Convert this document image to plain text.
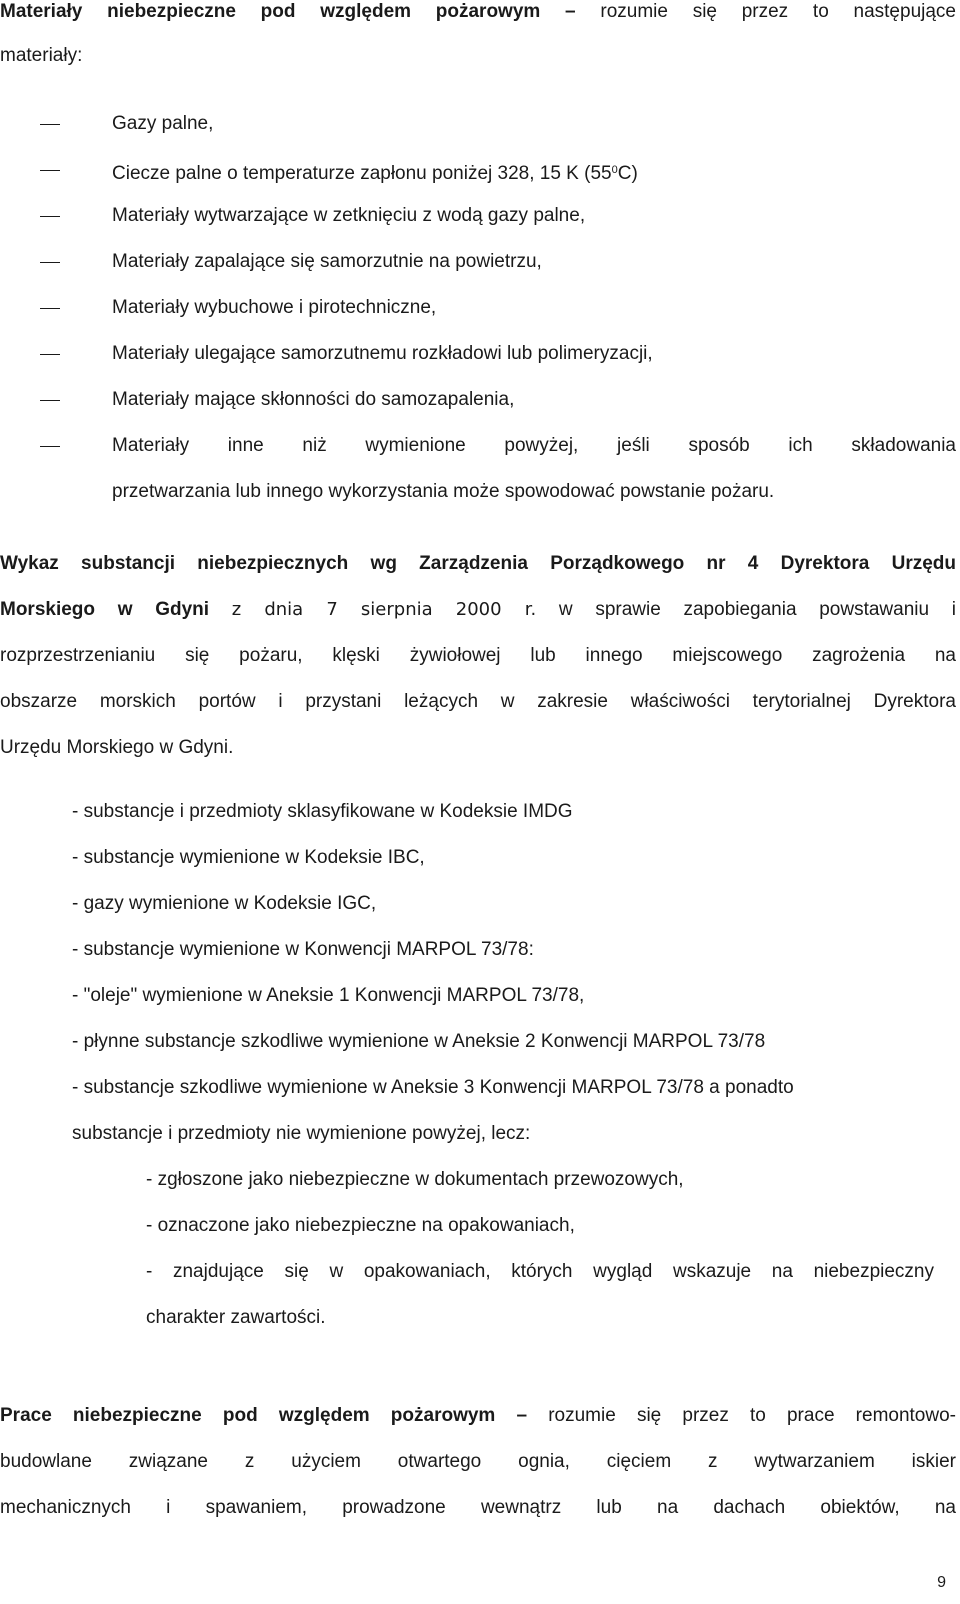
Materiały niebezpieczne pod względem pożarowym – rozumie się przez to następujące
materiały:
Gazy palne,
Ciecze palne o temperaturze zapłonu poniżej 328, 15 K $(55^0C)$
Materiały wytwarzające w zetknięciu z wodą gazy palne,
Materiały zapalające się samorzutnie na powietrzu,
Materiały wybuchowe i pirotechniczne,
Materiały ulegające samorzutnemu rozkładowi lub polimeryzacji,
Materiały mające skłonności do samozapalenia,
Materiały inne niż wymienione powyżej, jeśli sposób ich składowania
przetwarzania lub innego wykorzystania może spowodować powstanie pożaru.
Wykaz substancji niebezpiecznych wg Zarządzenia Porządkowego nr 4 Dyrektora Urzędu
Morskiego w Gdyni z dnia 7 sierpnia 2000 r. w sprawie zapobiegania powstawaniu i
rozprzestrzenianiu się pożaru, klęski żywiołowej lub innego miejscowego zagrożenia na
obszarze morskich portów i przystani leżących w zakresie właściwości terytorialnej Dyrektora
Urzędu Morskiego w Gdyni.
- substancje i przedmioty sklasyfikowane w Kodeksie IMDG
- substancje wymienione w Kodeksie IBC,
- gazy wymienione w Kodeksie IGC,
- substancje wymienione w Konwencji MARPOL 73/78:
- "oleje" wymienione w Aneksie 1 Konwencji MARPOL 73/78,
- płynne substancje szkodliwe wymienione w Aneksie 2 Konwencji MARPOL 73/78
- substancje szkodliwe wymienione w Aneksie 3 Konwencji MARPOL 73/78 a ponadto
substancje i przedmioty nie wymienione powyżej, lecz:
- zgłoszone jako niebezpieczne w dokumentach przewozowych,
- oznaczone jako niebezpieczne na opakowaniach,
- znajdujące się w opakowaniach, których wygląd wskazuje na niebezpieczny
charakter zawartości.
Prace niebezpieczne pod względem pożarowym – rozumie się przez to prace remontowo-
budowlane związane z użyciem otwartego ognia, cięciem z wytwarzaniem iskier
mechanicznych i spawaniem, prowadzone wewnątrz lub na dachach obiektów, na
9
